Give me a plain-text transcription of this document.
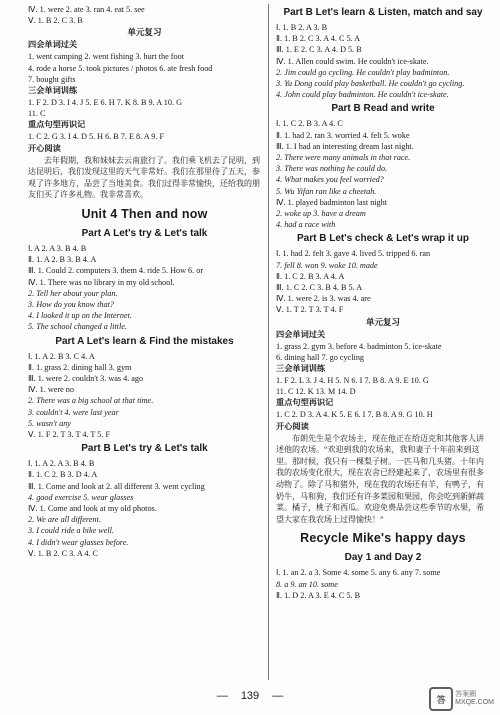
Ⅳ. 1. were 2. ate 3. ran 4. eat 5. see
Ⅴ. 1. B 2. C 3. B
单元复习
四会单词过关
1. went camping 2. went fishing 3. hurt the foot
4. rode a horse 5. took pictures / photos 6. ate fresh food
7. bought gifts
三会单词训练
1. F 2. D 3. I 4. J 5. E 6. H 7. K 8. B 9. A 10. G
11. C
重点句型再识记
1. C 2. G 3. I 4. D 5. H 6. B 7. E 8. A 9. F
开心阅读
去年假期，我和妹妹去云南旅行了。我们乘飞机去了昆明，到达昆明后，我们发现这里的天气非常好。我们在那里待了五天，参观了许多地方，品尝了当地美食。我们过得非常愉快，还给我的朋友们买了许多礼物。我非常喜欢。
Unit 4 Then and now
Part A Let's try & Let's talk
Ⅰ. A 2. A 3. B 4. B
Ⅱ. 1. A 2. B 3. B 4. A
Ⅲ. 1. Could 2. computers 3. them 4. ride 5. How 6. or
Ⅳ. 1. There was no library in my old school.
2. Tell her about your plan.
3. How do you know that?
4. I looked it up on the Internet.
5. The school changed a little.
Part A Let's learn & Find the mistakes
Ⅰ. 1. A 2. B 3. C 4. A
Ⅱ. 1. grass 2. dining hall 3. gym
Ⅲ. 1. were 2. couldn't 3. was 4. ago
Ⅳ. 1. were no
2. There was a big school at that time.
3. couldn't 4. were last year
5. wasn't any
Ⅴ. 1. F 2. T 3. T 4. T 5. F
Part B Let's try & Let's talk
Ⅰ. 1. A 2. A 3. B 4. B
Ⅱ. 1. C 2. B 3. D 4. A
Ⅲ. 1. Come and look at 2. all different 3. went cycling
4. good exercise 5. wear glasses
Ⅳ. 1. Come and look at my old photos.
2. We are all different.
3. I could ride a bike well.
4. I didn't wear glasses before.
Ⅴ. 1. B 2. C 3. A 4. C
Part B Let's learn & Listen, match and say
Ⅰ. 1. B 2. A 3. B
Ⅱ. 1. B 2. C 3. A 4. C 5. A
Ⅲ. 1. E 2. C 3. A 4. D 5. B
Ⅳ. 1. Allen could swim. He couldn't ice-skate.
2. Jim could go cycling. He couldn't play badminton.
3. Yu Dong could play basketball. He couldn't go cycling.
4. John could play badminton. He couldn't ice-skate.
Part B Read and write
Ⅰ. 1. C 2. B 3. A 4. C
Ⅱ. 1. had 2. ran 3. worried 4. felt 5. woke
Ⅲ. 1. I had an interesting dream last night.
2. There were many animals in that race.
3. There was nothing he could do.
4. What makes you feel worried?
5. Wu Yifan ran like a cheetah.
Ⅳ. 1. played badminton last night
2. woke up 3. have a dream
4. had a race with
Part B Let's check & Let's wrap it up
Ⅰ. 1. had 2. felt 3. gave 4. lived 5. tripped 6. ran
7. fell 8. won 9. woke 10. made
Ⅱ. 1. C 2. B 3. A 4. A
Ⅲ. 1. C 2. C 3. B 4. B 5. A
Ⅳ. 1. were 2. is 3. was 4. are
Ⅴ. 1. T 2. T 3. T 4. F
单元复习
四会单词过关
1. grass 2. gym 3. before 4. badminton 5. ice-skate
6. dining hall 7. go cycling
三会单词训练
1. F 2. L 3. J 4. H 5. N 6. I 7. B 8. A 9. E 10. G
11. C 12. K 13. M 14. D
重点句型再识记
1. C 2. D 3. A 4. K 5. E 6. I 7. B 8. A 9. G 10. H
开心阅读
布朗先生是个农场主，现在他正在给迈克和其他客人讲述他的农场。“欢迎到我的农场来，我和妻子十年前来到这里。那时候，我只有一棵梨子树。一匹马和几头猪。十年内我的农场变化很大，现在农舍已经建起来了，农场里有很多动物了。除了马和猪外，现在我的农场还有羊，有鸭子，有奶牛，马和狗，我们还有许多菜园和果园，你会吃到新鲜蔬菜。橘子，桃子和西瓜。欢迎免费品尝这些季节的水果，希望大家在我农场上过得愉快！”
Recycle Mike's happy days
Day 1 and Day 2
Ⅰ. 1. an 2. a 3. Some 4. some 5. any 6. any 7. some
8. a 9. an 10. some
Ⅱ. 1. D 2. A 3. E 4. C 5. B
— 139 —	答	答案圈
MXQE.COM
